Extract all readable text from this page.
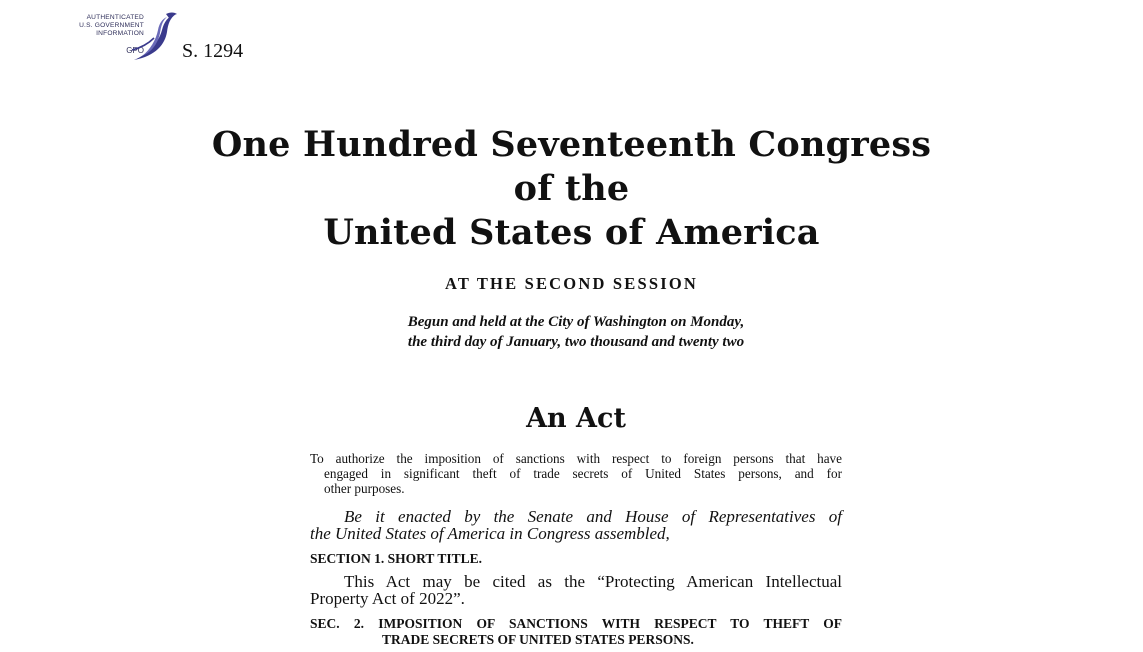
AUTHENTICATED
U.S. GOVERNMENT
INFORMATION
GPO S. 1294
One Hundred Seventeenth Congress
of the
United States of America
AT THE SECOND SESSION
Begun and held at the City of Washington on Monday,
the third day of January, two thousand and twenty two
An Act
To authorize the imposition of sanctions with respect to foreign persons that have
engaged in significant theft of trade secrets of United States persons, and for
other purposes.
Be it enacted by the Senate and House of Representatives of
the United States of America in Congress assembled,
SECTION 1. SHORT TITLE.
This Act may be cited as the “Protecting American Intellectual
Property Act of 2022”.
SEC. 2. IMPOSITION OF SANCTIONS WITH RESPECT TO THEFT OF
TRADE SECRETS OF UNITED STATES PERSONS.
